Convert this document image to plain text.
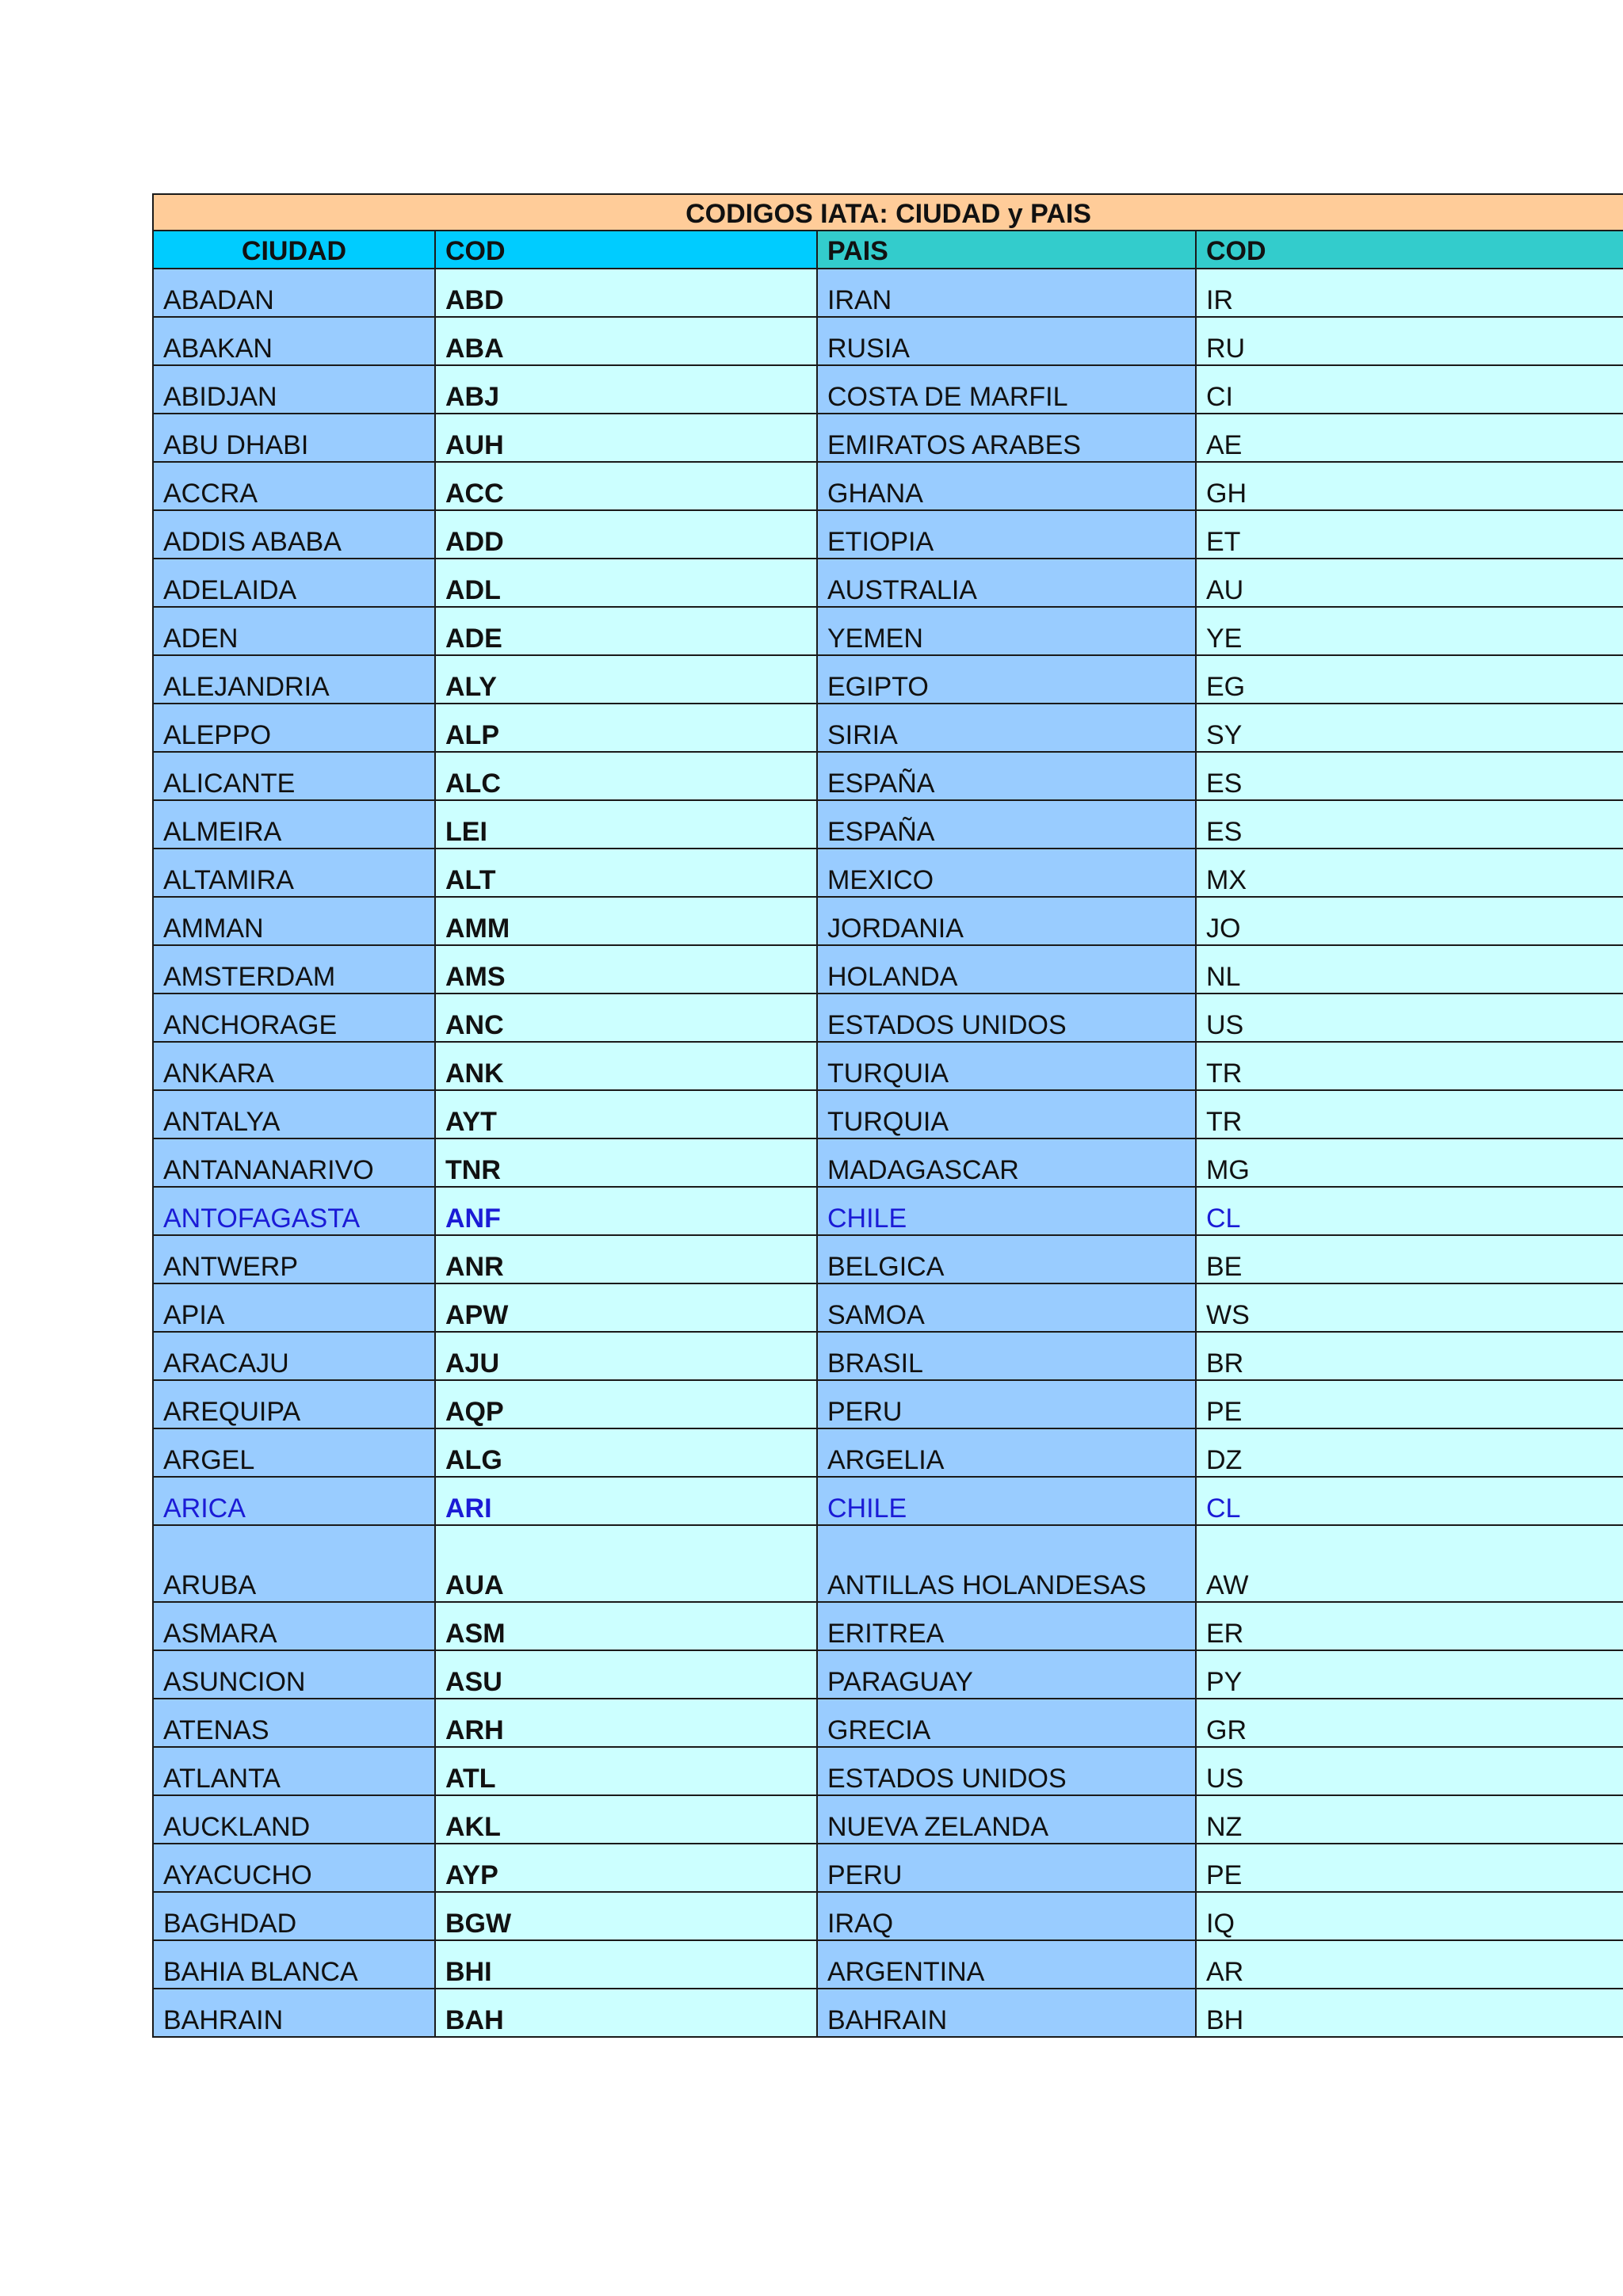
CODIGOS IATA: CIUDAD y PAIS			
CIUDAD	COD	PAIS	COD
ABADAN	ABD	IRAN	IR
ABAKAN	ABA	RUSIA	RU
ABIDJAN	ABJ	COSTA DE MARFIL	CI
ABU DHABI	AUH	EMIRATOS ARABES	AE
ACCRA	ACC	GHANA	GH
ADDIS ABABA	ADD	ETIOPIA	ET
ADELAIDA	ADL	AUSTRALIA	AU
ADEN	ADE	YEMEN	YE
ALEJANDRIA	ALY	EGIPTO	EG
ALEPPO	ALP	SIRIA	SY
ALICANTE	ALC	ESPAÑA	ES
ALMEIRA	LEI	ESPAÑA	ES
ALTAMIRA	ALT	MEXICO	MX
AMMAN	AMM	JORDANIA	JO
AMSTERDAM	AMS	HOLANDA	NL
ANCHORAGE	ANC	ESTADOS UNIDOS	US
ANKARA	ANK	TURQUIA	TR
ANTALYA	AYT	TURQUIA	TR
ANTANANARIVO	TNR	MADAGASCAR	MG
ANTOFAGASTA	ANF	CHILE	CL
ANTWERP	ANR	BELGICA	BE
APIA	APW	SAMOA	WS
ARACAJU	AJU	BRASIL	BR
AREQUIPA	AQP	PERU	PE
ARGEL	ALG	ARGELIA	DZ
ARICA	ARI	CHILE	CL
ARUBA	AUA	ANTILLAS HOLANDESAS	AW
ASMARA	ASM	ERITREA	ER
ASUNCION	ASU	PARAGUAY	PY
ATENAS	ARH	GRECIA	GR
ATLANTA	ATL	ESTADOS UNIDOS	US
AUCKLAND	AKL	NUEVA ZELANDA	NZ
AYACUCHO	AYP	PERU	PE
BAGHDAD	BGW	IRAQ	IQ
BAHIA BLANCA	BHI	ARGENTINA	AR
BAHRAIN	BAH	BAHRAIN	BH
